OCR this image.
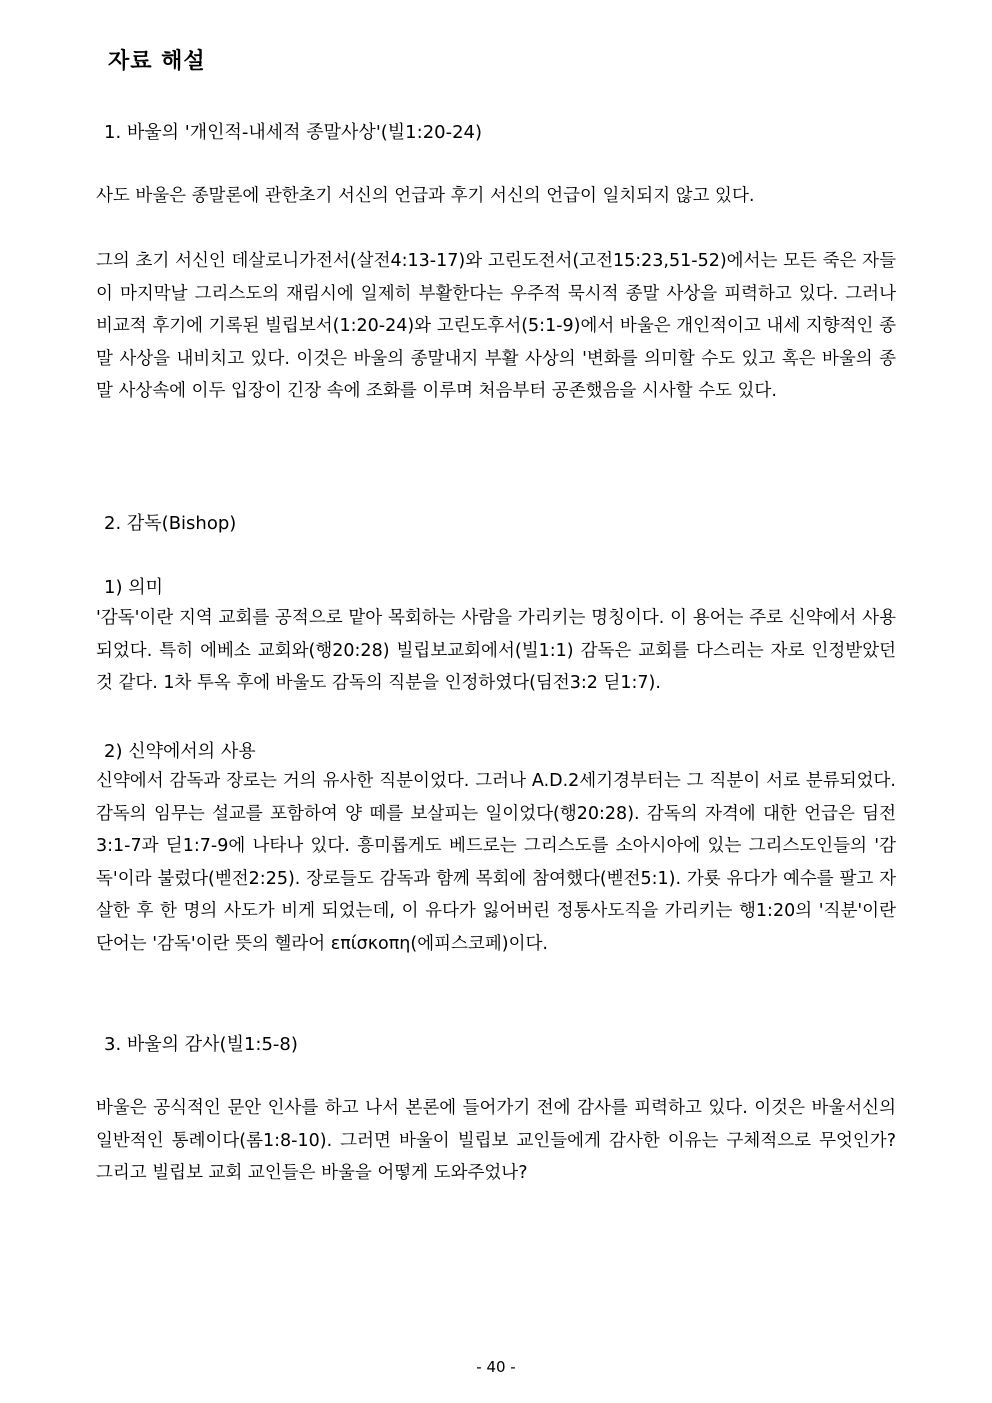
자료 해설
1. 바울의 '개인적-내세적 종말사상'(빌1:20-24)
사도 바울은 종말론에 관한초기 서신의 언급과 후기 서신의 언급이 일치되지 않고 있다.
그의 초기 서신인 데살로니가전서(살전4:13-17)와 고린도전서(고전15:23,51-52)에서는 모든 죽은 자들이 마지막날 그리스도의 재림시에 일제히 부활한다는 우주적 묵시적 종말 사상을 피력하고 있다. 그러나 비교적 후기에 기록된 빌립보서(1:20-24)와 고린도후서(5:1-9)에서 바울은 개인적이고 내세 지향적인 종말 사상을 내비치고 있다. 이것은 바울의 종말내지 부활 사상의 '변화를 의미할 수도 있고 혹은 바울의 종말 사상속에 이두 입장이 긴장 속에 조화를 이루며 처음부터 공존했음을 시사할 수도 있다.
2. 감독(Bishop)
1) 의미
'감독'이란 지역 교회를 공적으로 맡아 목회하는 사람을 가리키는 명칭이다. 이 용어는 주로 신약에서 사용되었다. 특히 에베소 교회와(행20:28) 빌립보교회에서(빌1:1) 감독은 교회를 다스리는 자로 인정받았던 것 같다. 1차 투옥 후에 바울도 감독의 직분을 인정하였다(딤전3:2 딛1:7).
2) 신약에서의 사용
신약에서 감독과 장로는 거의 유사한 직분이었다. 그러나 A.D.2세기경부터는 그 직분이 서로 분류되었다. 감독의 임무는 설교를 포함하여 양 떼를 보살피는 일이었다(행20:28). 감독의 자격에 대한 언급은 딤전 3:1-7과 딛1:7-9에 나타나 있다. 흥미롭게도 베드로는 그리스도를 소아시아에 있는 그리스도인들의 '감독'이라 불렀다(벧전2:25). 장로들도 감독과 함께 목회에 참여했다(벧전5:1). 가룟 유다가 예수를 팔고 자살한 후 한 명의 사도가 비게 되었는데, 이 유다가 잃어버린 정통사도직을 가리키는 행1:20의 '직분'이란 단어는 '감독'이란 뜻의 헬라어 επίσκοπη(에피스코페)이다.
3. 바울의 감사(빌1:5-8)
바울은 공식적인 문안 인사를 하고 나서 본론에 들어가기 전에 감사를 피력하고 있다. 이것은 바울서신의 일반적인 통례이다(롬1:8-10). 그러면 바울이 빌립보 교인들에게 감사한 이유는 구체적으로 무엇인가? 그리고 빌립보 교회 교인들은 바울을 어떻게 도와주었나?
- 40 -
